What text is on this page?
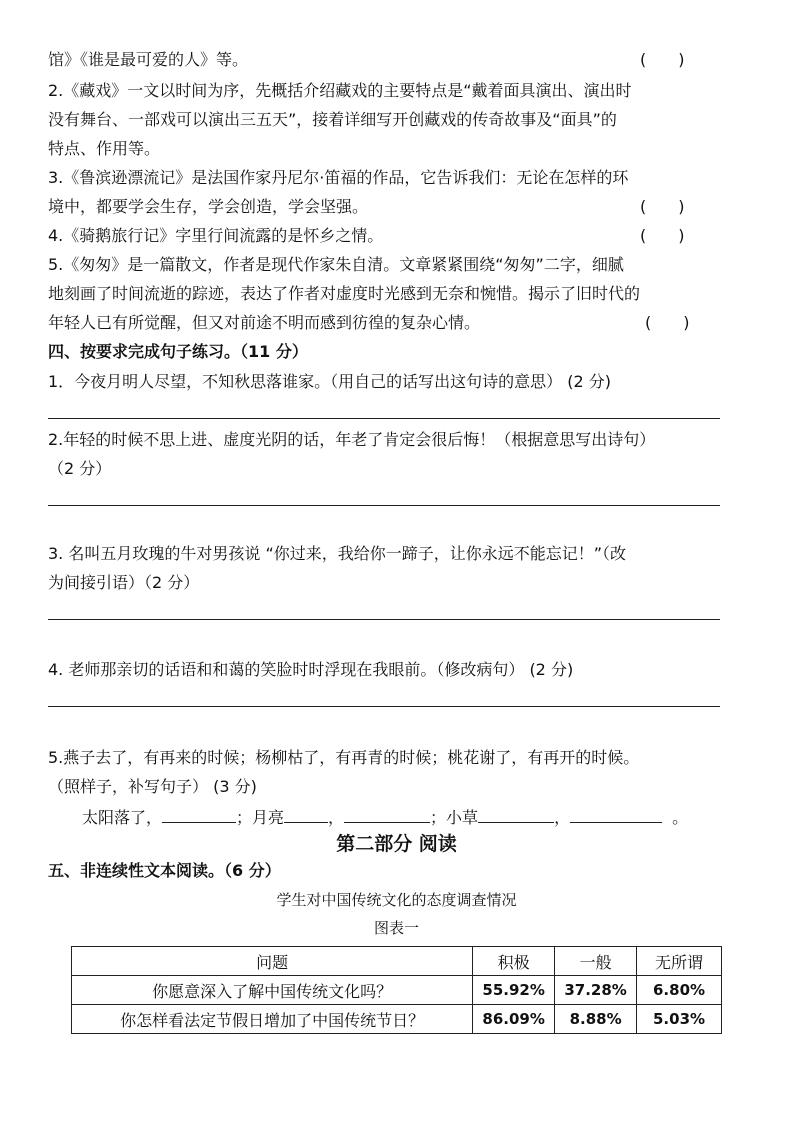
馆》《谁是最可爱的人》等。	(　　)
2.《藏戏》一文以时间为序，先概括介绍藏戏的主要特点是“戴着面具演出、演出时
没有舞台、一部戏可以演出三五天”，接着详细写开创藏戏的传奇故事及“面具”的
特点、作用等。
3.《鲁滨逊漂流记》是法国作家丹尼尔·笛福的作品，它告诉我们：无论在怎样的环
境中，都要学会生存，学会创造，学会坚强。	(　　)
4.《骑鹅旅行记》字里行间流露的是怀乡之情。	(　　)
5.《匆匆》是一篇散文，作者是现代作家朱自清。文章紧紧围绕“匆匆”二字，细腻
地刻画了时间流逝的踪迹，表达了作者对虚度时光感到无奈和惋惜。揭示了旧时代的
年轻人已有所觉醒，但又对前途不明而感到彷徨的复杂心情。	(　　)
四、按要求完成句子练习。（11 分）
1．今夜月明人尽望，不知秋思落谁家。（用自己的话写出这句诗的意思） (2 分)
2.年轻的时候不思上进、虚度光阴的话，年老了肯定会很后悔！（根据意思写出诗句）
（2 分）
3. 名叫五月玫瑰的牛对男孩说 “你过来，我给你一蹄子，让你永远不能忘记！”（改
为间接引语）（2 分）
4. 老师那亲切的话语和和蔼的笑脸时时浮现在我眼前。（修改病句） (2 分)
5.燕子去了，有再来的时候；杨柳枯了，有再青的时候；桃花谢了，有再开的时候。
（照样子，补写句子） (3 分)
太阳落了，	；月亮	，	；小草	，	。
第二部分 阅读
五、非连续性文本阅读。（6 分）
学生对中国传统文化的态度调查情况
图表一
问题	积极	一般	无所谓
你愿意深入了解中国传统文化吗？	55.92%	37.28%	6.80%
你怎样看法定节假日增加了中国传统节日？	86.09%	8.88%	5.03%
